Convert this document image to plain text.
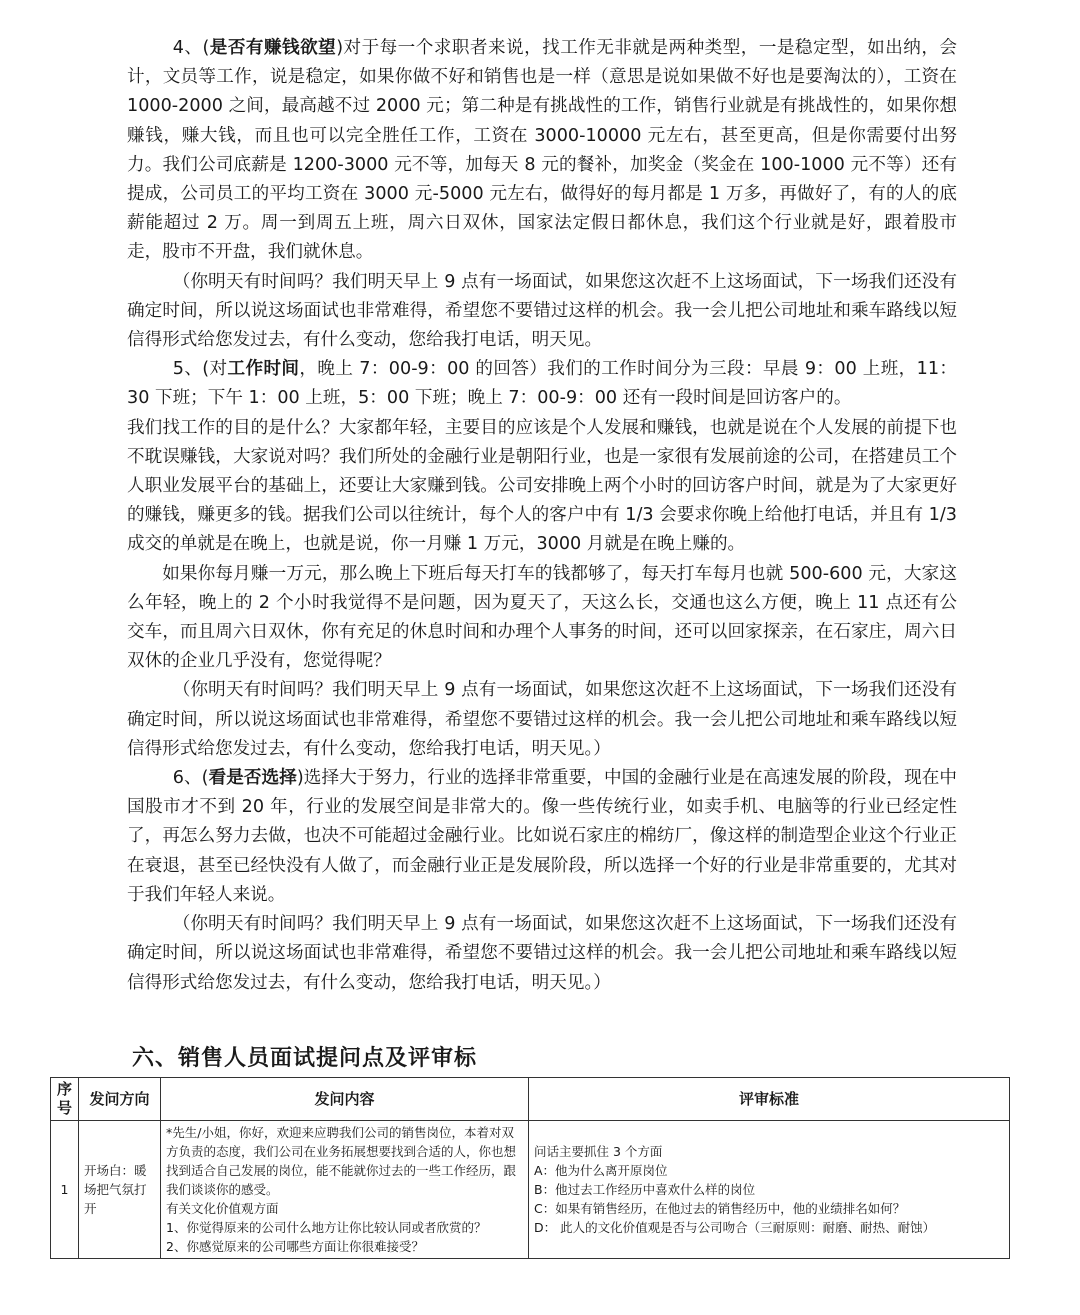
4、(是否有赚钱欲望)对于每一个求职者来说，找工作无非就是两种类型，一是稳定型，如出纳，会计，文员等工作，说是稳定，如果你做不好和销售也是一样（意思是说如果做不好也是要淘汰的），工资在 1000-2000 之间，最高越不过 2000 元；第二种是有挑战性的工作，销售行业就是有挑战性的，如果你想赚钱，赚大钱，而且也可以完全胜任工作，工资在 3000-10000 元左右，甚至更高，但是你需要付出努力。我们公司底薪是 1200-3000 元不等，加每天 8 元的餐补，加奖金（奖金在 100-1000 元不等）还有提成，公司员工的平均工资在 3000 元-5000 元左右，做得好的每月都是 1 万多，再做好了，有的人的底薪能超过 2 万。周一到周五上班，周六日双休，国家法定假日都休息，我们这个行业就是好，跟着股市走，股市不开盘，我们就休息。

（你明天有时间吗？我们明天早上 9 点有一场面试，如果您这次赶不上这场面试，下一场我们还没有确定时间，所以说这场面试也非常难得，希望您不要错过这样的机会。我一会儿把公司地址和乘车路线以短信得形式给您发过去，有什么变动，您给我打电话，明天见。

5、(对工作时间，晚上 7：00-9：00 的回答）我们的工作时间分为三段：早晨 9：00 上班，11：30 下班；下午 1：00 上班，5：00 下班；晚上 7：00-9：00 还有一段时间是回访客户的。

我们找工作的目的是什么？大家都年轻，主要目的应该是个人发展和赚钱，也就是说在个人发展的前提下也不耽误赚钱，大家说对吗？我们所处的金融行业是朝阳行业，也是一家很有发展前途的公司，在搭建员工个 人职业发展平台的基础上，还要让大家赚到钱。公司安排晚上两个小时的回访客户时间，就是为了大家更好的赚钱，赚更多的钱。据我们公司以往统计，每个人的客户中有 1/3 会要求你晚上给他打电话，并且有 1/3 成交的单就是在晚上，也就是说，你一月赚 1 万元，3000 月就是在晚上赚的。

如果你每月赚一万元，那么晚上下班后每天打车的钱都够了，每天打车每月也就 500-600 元，大家这么年轻，晚上的 2 个小时我觉得不是问题，因为夏天了，天这么长，交通也这么方便，晚上 11 点还有公交车，而且周六日双休，你有充足的休息时间和办理个人事务的时间，还可以回家探亲，在石家庄，周六日双休的企业几乎没有，您觉得呢？

（你明天有时间吗？我们明天早上 9 点有一场面试，如果您这次赶不上这场面试，下一场我们还没有确定时间，所以说这场面试也非常难得，希望您不要错过这样的机会。我一会儿把公司地址和乘车路线以短信得形式给您发过去，有什么变动，您给我打电话，明天见。）

6、(看是否选择)选择大于努力，行业的选择非常重要，中国的金融行业是在高速发展的阶段，现在中国股市才不到 20 年，行业的发展空间是非常大的。像一些传统行业，如卖手机、电脑等的行业已经定性了，再怎么努力去做，也决不可能超过金融行业。比如说石家庄的棉纺厂，像这样的制造型企业这个行业正在衰退，甚至已经快没有人做了，而金融行业正是发展阶段，所以选择一个好的行业是非常重要的，尤其对于我们年轻人来说。

（你明天有时间吗？我们明天早上 9 点有一场面试，如果您这次赶不上这场面试，下一场我们还没有确定时间，所以说这场面试也非常难得，希望您不要错过这样的机会。我一会儿把公司地址和乘车路线以短信得形式给您发过去，有什么变动，您给我打电话，明天见。）

六、销售人员面试提问点及评审标
序号	发问方向	发问内容	评审标准
1	开场白：暖场把气氛打开	*先生/小姐，你好，欢迎来应聘我们公司的销售岗位，本着对双方负责的态度，我们公司在业务拓展想要找到合适的人，你也想找到适合自己发展的岗位，能不能就你过去的一些工作经历，跟我们谈谈你的感受。
有关文化价值观方面
1、你觉得原来的公司什么地方让你比较认同或者欣赏的？
2、你感觉原来的公司哪些方面让你很难接受？	问话主要抓住 3 个方面
A：他为什么离开原岗位
B：他过去工作经历中喜欢什么样的岗位
C：如果有销售经历，在他过去的销售经历中，他的业绩排名如何？
D： 此人的文化价值观是否与公司吻合（三耐原则：耐磨、耐热、耐蚀）
